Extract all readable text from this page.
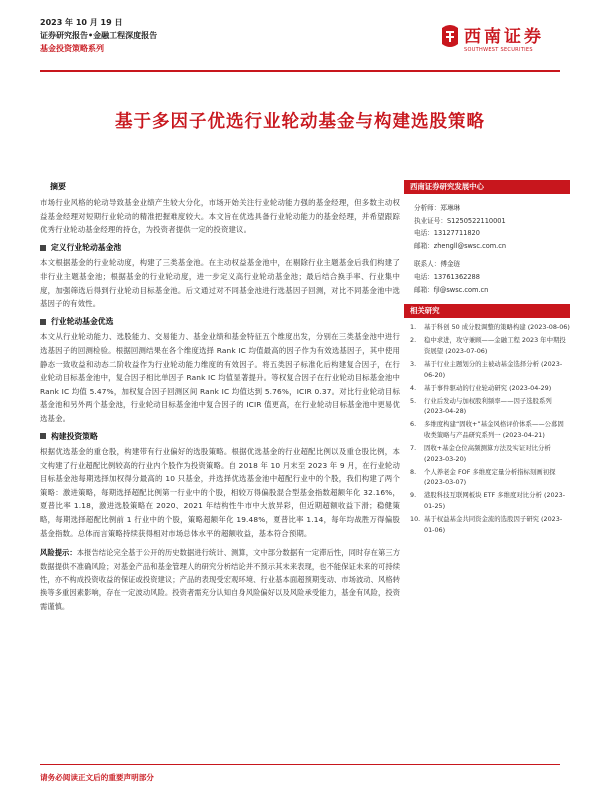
2023 年 10 月 19 日
证券研究报告•金融工程深度报告
基金投资策略系列
西南证券
SOUTHWEST SECURITIES
基于多因子优选行业轮动基金与构建选股策略
摘要

市场行业风格的轮动导致基金业绩产生较大分化，市场开始关注行业轮动能力强的基金经理，但多数主动权益基金经理对短期行业轮动的精准把握难度较大。本文旨在优选具备行业轮动能力的基金经理，并希望跟踪优秀行业轮动基金经理的持仓，为投资者提供一定的投资建议。

定义行业轮动基金池

本文根据基金的行业轮动度，构建了三类基金池。在主动权益基金池中，在剔除行业主题基金后我们构建了非行业主题基金池；根据基金的行业轮动度，进一步定义高行业轮动基金池；最后结合换手率、行业集中度，加强筛选后得到行业轮动目标基金池。后文通过对不同基金池进行选基因子回测，对比不同基金池中选基因子的有效性。

行业轮动基金优选

本文从行业轮动能力、选股能力、交易能力、基金业绩和基金特征五个维度出发，分别在三类基金池中进行选基因子的回测检验。根据回测结果在各个维度选择 Rank IC 均值最高的因子作为有效选基因子，其中使用静态一致收益和动态二阶收益作为行业轮动能力维度的有效因子。将五类因子标准化后构建复合因子，在行业轮动目标基金池中，复合因子相比单因子 Rank IC 均值显著提升。等权复合因子在行业轮动目标基金池中 Rank IC 均值 5.47%，加权复合因子回测区间 Rank IC 均值达到 5.76%，ICIR 0.37。对比行业轮动目标基金池和另外两个基金池，行业轮动目标基金池中复合因子的 ICIR 值更高，在行业轮动目标基金池中更易优选基金。

构建投资策略

根据优选基金的重仓股，构建带有行业偏好的选股策略。根据优选基金的行业超配比例以及重仓股比例，本文构建了行业超配比例较高的行业内个股作为投资策略。自 2018 年 10 月末至 2023 年 9 月，在行业轮动目标基金池每期选择加权得分最高的 10 只基金，并选择优选基金池中超配行业中的个股，我们构建了两个策略：激进策略，每期选择超配比例第一行业中的个股，相较万得偏股混合型基金指数超额年化 32.16%，夏普比率 1.18，激进选股策略在 2020、2021 年结构性牛市中大放异彩，但近期超额收益下滑；稳健策略，每期选择超配比例前 1 行业中的个股，策略超额年化 19.48%，夏普比率 1.14，每年均战胜万得偏股基金指数。总体而言策略持续获得相对市场总体水平的超额收益，基本符合预期。

风险提示：本报告结论完全基于公开的历史数据进行统计、测算，文中部分数据有一定滞后性，同时存在第三方数据提供不准确风险；对基金产品和基金管理人的研究分析结论并不预示其未来表现，也不能保证未来的可持续性，亦不构成投资收益的保证或投资建议；产品的表现受宏观环境、行业基本面超预期变动、市场波动、风格转换等多重因素影响，存在一定波动风险。投资者需充分认知自身风险偏好以及风险承受能力，基金有风险，投资需谨慎。
西南证券研究发展中心
分析师：郑琳琳
执业证号：S1250522110001
电话：13127711820
邮箱：zhengll@swsc.com.cn
联系人：傅金琏
电话：13761362288
邮箱：fjl@swsc.com.cn
相关研究
1.	基于科创 50 成分股调整的策略构建 (2023-08-06)
2.	稳中求进，攻守兼顾——金融工程 2023 年中期投资展望 (2023-07-06)
3.	基于行业主题划分的主被动基金选择分析 (2023-06-20)
4.	基于事件驱动的行业轮动研究 (2023-04-29)
5.	行业后发动与加权股利频率——因子选股系列 (2023-04-28)
6.	多维度构建“固收+”基金风格评价体系——公募固收类策略与产品研究系列一 (2023-04-21)
7.	固收+基金仓位高频测算方法及实证对比分析 (2023-03-20)
8.	个人养老金 FOF 多维度定量分析指标刻画初探 (2023-03-07)
9.	港股科技互联网板块 ETF 多维度对比分析 (2023-01-25)
10. 基于权益基金共同资金流的选股因子研究 (2023-01-06)
请务必阅读正文后的重要声明部分
